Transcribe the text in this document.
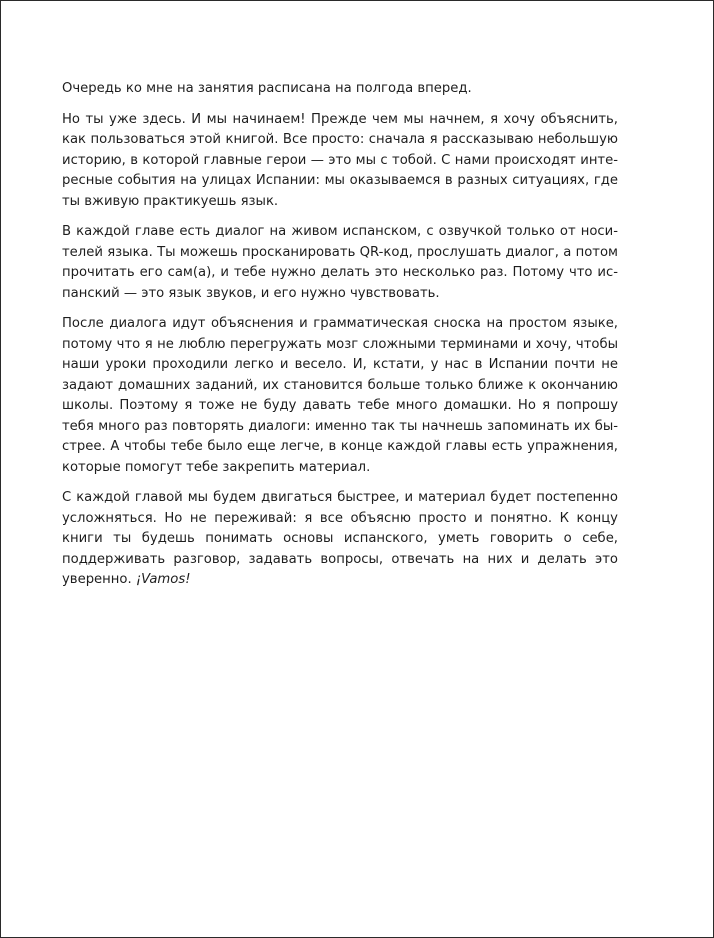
Очередь ко мне на занятия расписана на полгода вперед.

Но ты уже здесь. И мы начинаем! Прежде чем мы начнем, я хочу объяснить, как пользоваться этой книгой. Все просто: сначала я рассказываю небольшую историю, в которой главные герои — это мы с тобой. С нами происходят инте-ресные события на улицах Испании: мы оказываемся в разных ситуациях, где ты вживую практикуешь язык.

В каждой главе есть диалог на живом испанском, с озвучкой только от носи-телей языка. Ты можешь просканировать QR-код, прослушать диалог, а потом прочитать его сам(а), и тебе нужно делать это несколько раз. Потому что ис-панский — это язык звуков, и его нужно чувствовать.

После диалога идут объяснения и грамматическая сноска на простом языке, потому что я не люблю перегружать мозг сложными терминами и хочу, чтобы наши уроки проходили легко и весело. И, кстати, у нас в Испании почти не задают домашних заданий, их становится больше только ближе к окончанию школы. Поэтому я тоже не буду давать тебе много домашки. Но я попрошу тебя много раз повторять диалоги: именно так ты начнешь запоминать их бы-стрее. А чтобы тебе было еще легче, в конце каждой главы есть упражнения, которые помогут тебе закрепить материал.

С каждой главой мы будем двигаться быстрее, и материал будет постепенно усложняться. Но не переживай: я все объясню просто и понятно. К концу книги ты будешь понимать основы испанского, уметь говорить о себе, поддерживать разговор, задавать вопросы, отвечать на них и делать это уверенно. ¡Vamos!
